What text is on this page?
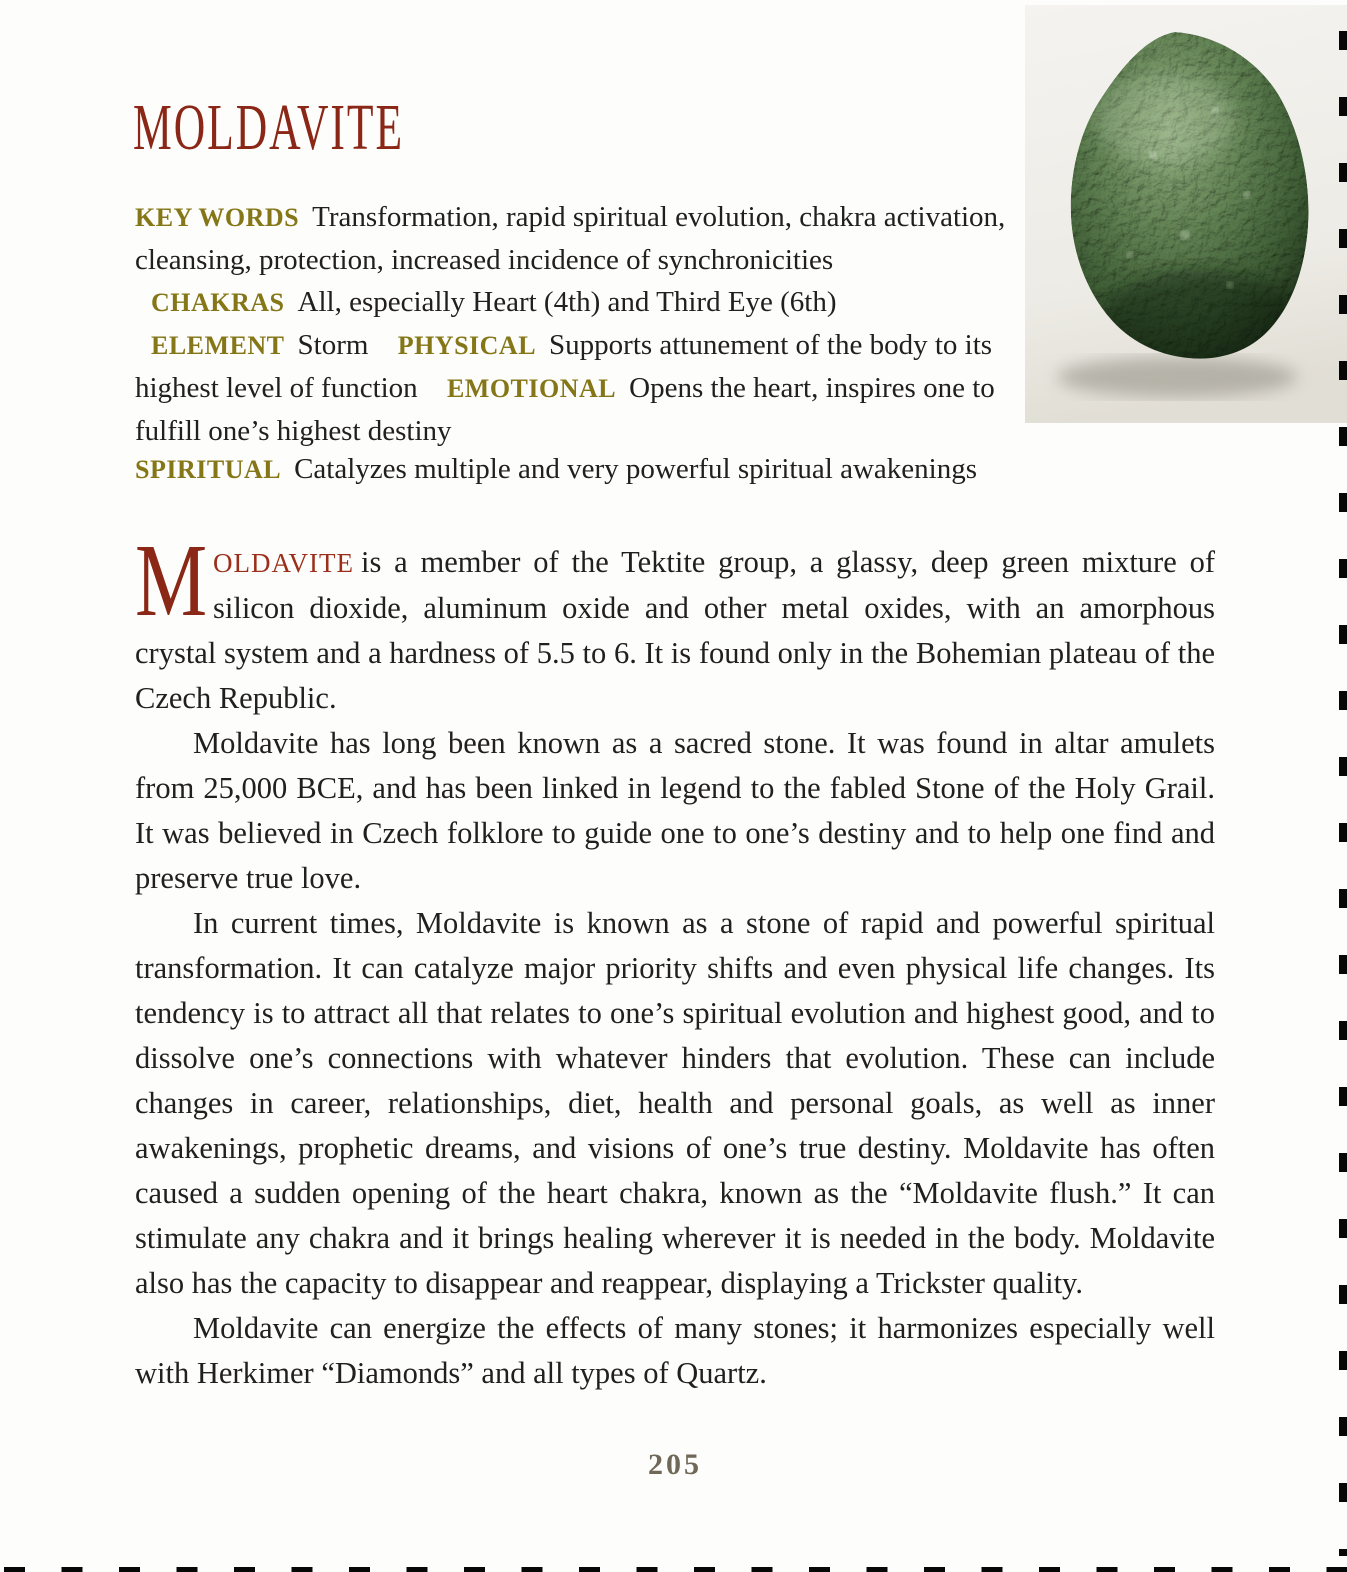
MOLDAVITE
KEY WORDS Transformation, rapid spiritual evolution, chakra activation, cleansing, protection, increased incidence of synchronicities CHAKRAS All, especially Heart (4th) and Third Eye (6th) ELEMENT Storm PHYSICAL Supports attunement of the body to its highest level of function EMOTIONAL Opens the heart, inspires one to fulfill one’s highest destiny
SPIRITUAL Catalyzes multiple and very powerful spiritual awakenings

MOLDAVITE is a member of the Tektite group, a glassy, deep green mixture of silicon dioxide, aluminum oxide and other metal oxides, with an amorphous crystal system and a hardness of 5.5 to 6. It is found only in the Bohemian plateau of the Czech Republic.

Moldavite has long been known as a sacred stone. It was found in altar amulets from 25,000 BCE, and has been linked in legend to the fabled Stone of the Holy Grail. It was believed in Czech folklore to guide one to one’s destiny and to help one find and preserve true love.

In current times, Moldavite is known as a stone of rapid and powerful spiritual transformation. It can catalyze major priority shifts and even physical life changes. Its tendency is to attract all that relates to one’s spiritual evolution and highest good, and to dissolve one’s connections with whatever hinders that evolution. These can include changes in career, relationships, diet, health and personal goals, as well as inner awakenings, prophetic dreams, and visions of one’s true destiny. Moldavite has often caused a sudden opening of the heart chakra, known as the “Moldavite flush.” It can stimulate any chakra and it brings healing wherever it is needed in the body. Moldavite also has the capacity to disappear and reappear, displaying a Trickster quality.

Moldavite can energize the effects of many stones; it harmonizes especially well with Herkimer “Diamonds” and all types of Quartz.

205
